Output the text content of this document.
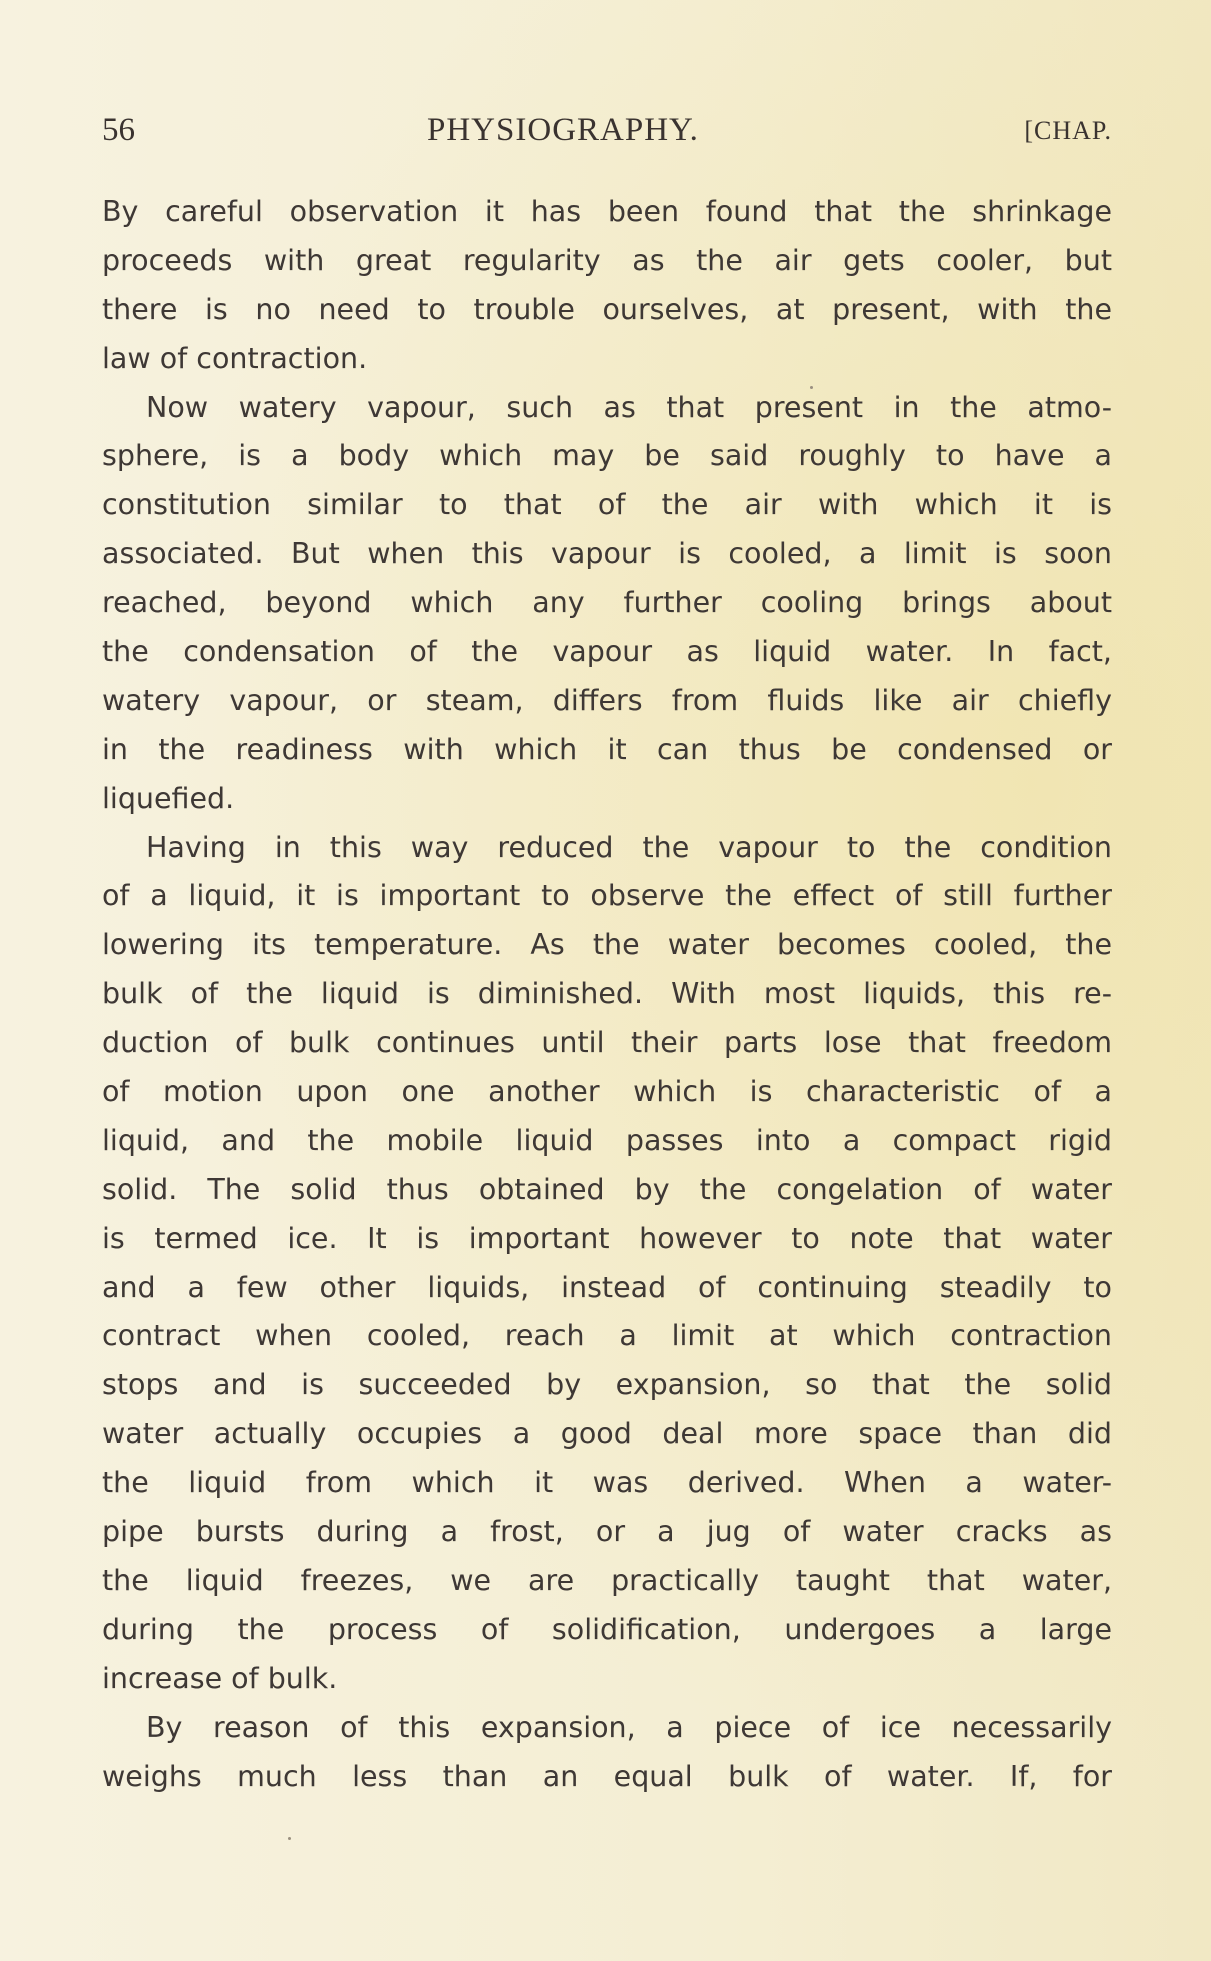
56	PHYSIOGRAPHY.	[CHAP.
By careful observation it has been found that the shrinkage
proceeds with great regularity as the air gets cooler, but
there is no need to trouble ourselves, at present, with the
law of contraction.
Now watery vapour, such as that present in the atmo-
sphere, is a body which may be said roughly to have a
constitution similar to that of the air with which it is
associated. But when this vapour is cooled, a limit is soon
reached, beyond which any further cooling brings about
the condensation of the vapour as liquid water. In fact,
watery vapour, or steam, differs from fluids like air chiefly
in the readiness with which it can thus be condensed or
liquefied.
Having in this way reduced the vapour to the condition
of a liquid, it is important to observe the effect of still further
lowering its temperature. As the water becomes cooled, the
bulk of the liquid is diminished. With most liquids, this re-
duction of bulk continues until their parts lose that freedom
of motion upon one another which is characteristic of a
liquid, and the mobile liquid passes into a compact rigid
solid. The solid thus obtained by the congelation of water
is termed ice. It is important however to note that water
and a few other liquids, instead of continuing steadily to
contract when cooled, reach a limit at which contraction
stops and is succeeded by expansion, so that the solid
water actually occupies a good deal more space than did
the liquid from which it was derived. When a water-
pipe bursts during a frost, or a jug of water cracks as
the liquid freezes, we are practically taught that water,
during the process of solidification, undergoes a large
increase of bulk.
By reason of this expansion, a piece of ice necessarily
weighs much less than an equal bulk of water. If, for
